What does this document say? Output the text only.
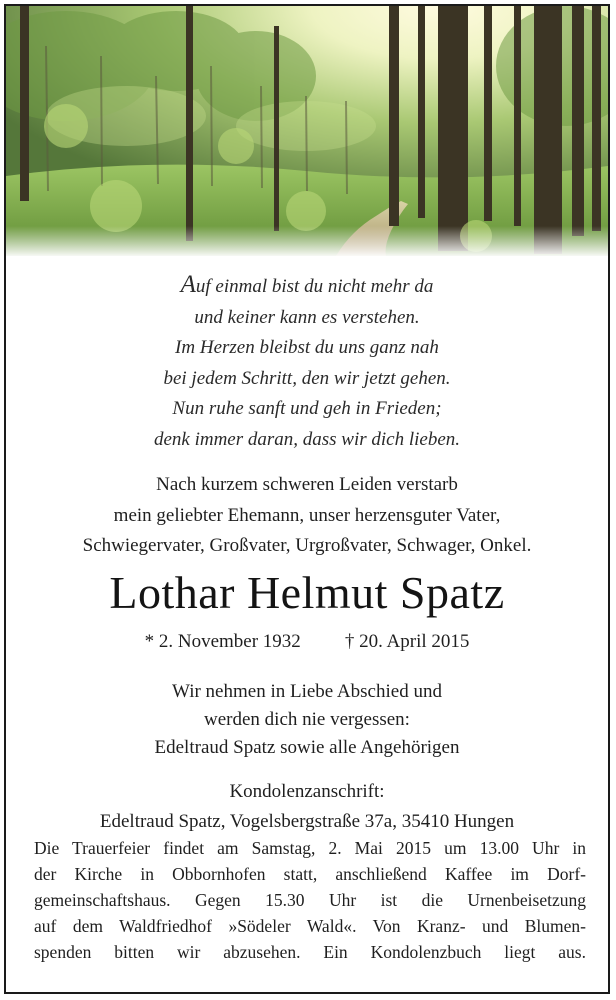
Auf einmal bist du nicht mehr da
und keiner kann es verstehen.
Im Herzen bleibst du uns ganz nah
bei jedem Schritt, den wir jetzt gehen.
Nun ruhe sanft und geh in Frieden;
denk immer daran, dass wir dich lieben.
Nach kurzem schweren Leiden verstarb
mein geliebter Ehemann, unser herzensguter Vater,
Schwiegervater, Großvater, Urgroßvater, Schwager, Onkel.
Lothar Helmut Spatz
* 2. November 1932 † 20. April 2015
Wir nehmen in Liebe Abschied und
werden dich nie vergessen:
Edeltraud Spatz sowie alle Angehörigen
Kondolenzanschrift:
Edeltraud Spatz, Vogelsbergstraße 37a, 35410 Hungen
Die Trauerfeier findet am Samstag, 2. Mai 2015 um 13.00 Uhr in
der Kirche in Obbornhofen statt, anschließend Kaffee im Dorf-
gemeinschaftshaus. Gegen 15.30 Uhr ist die Urnenbeisetzung
auf dem Waldfriedhof »Södeler Wald«. Von Kranz- und Blumen-
spenden bitten wir abzusehen. Ein Kondolenzbuch liegt aus.
